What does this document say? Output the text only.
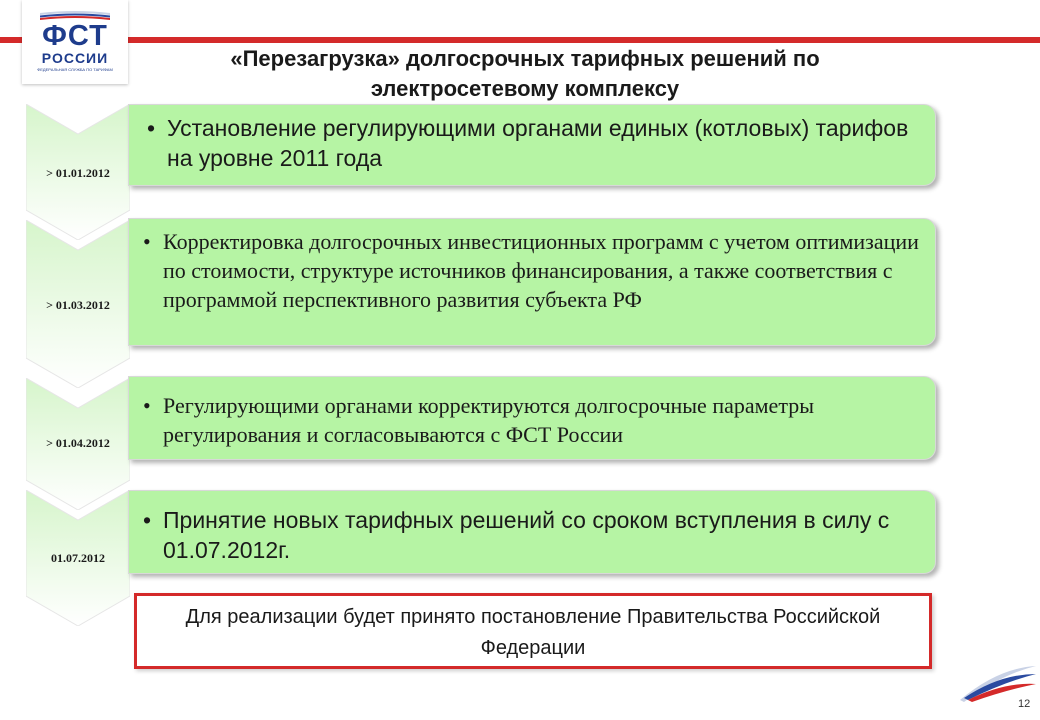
ФСТ
РОССИИ
ФЕДЕРАЛЬНАЯ СЛУЖБА ПО ТАРИФАМ	«Перезагрузка» долгосрочных тарифных решений по электросетевому комплексу
> 01.01.2012
• Установление регулирующими органами единых (котловых) тарифов на уровне 2011 года
> 01.03.2012
• Корректировка долгосрочных инвестиционных программ с учетом оптимизации по стоимости, структуре источников финансирования, а также соответствия с программой перспективного развития субъекта РФ
> 01.04.2012
• Регулирующими органами корректируются долгосрочные параметры регулирования и согласовываются с ФСТ России
01.07.2012
• Принятие новых тарифных решений со сроком вступления в силу с 01.07.2012г.
Для реализации будет принято постановление Правительства Российской Федерации
12
